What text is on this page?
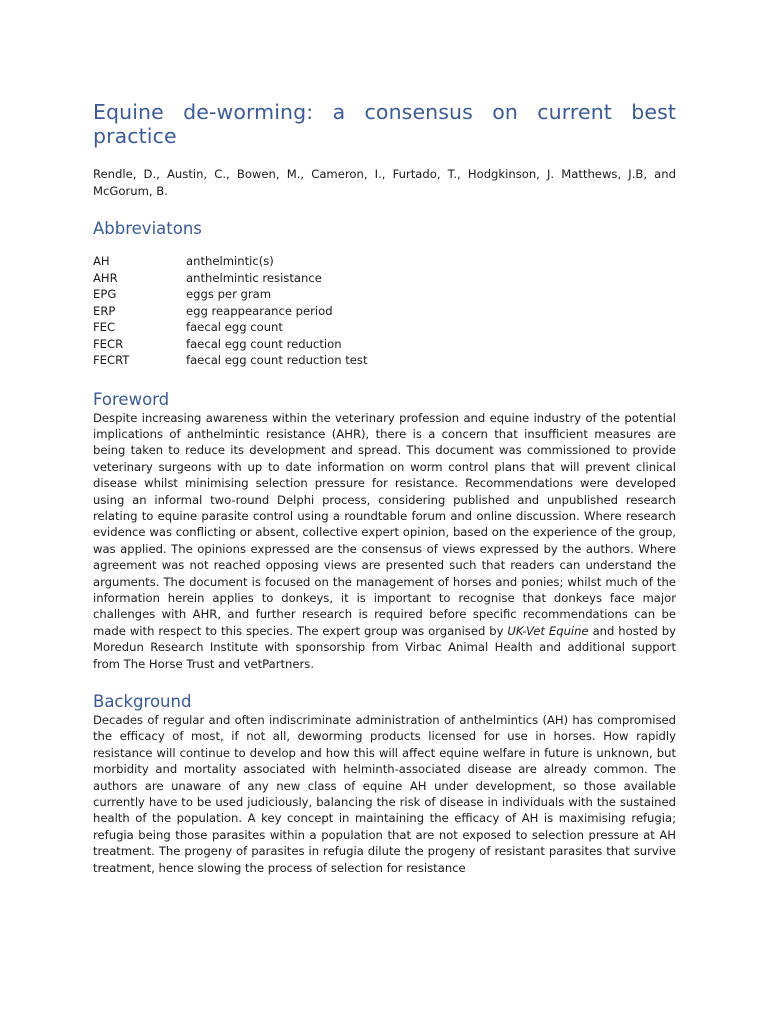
Equine de-worming: a consensus on current best
practice
Rendle, D., Austin, C., Bowen, M., Cameron, I., Furtado, T., Hodgkinson, J. Matthews, J.B, and McGorum, B.
Abbreviatons
AH	anthelmintic(s)
AHR	anthelmintic resistance
EPG	eggs per gram
ERP	egg reappearance period
FEC	faecal egg count
FECR	faecal egg count reduction
FECRT	faecal egg count reduction test
Foreword

Despite increasing awareness within the veterinary profession and equine industry of the potential implications of anthelmintic resistance (AHR), there is a concern that insufficient measures are being taken to reduce its development and spread. This document was commissioned to provide veterinary surgeons with up to date information on worm control plans that will prevent clinical disease whilst minimising selection pressure for resistance. Recommendations were developed using an informal two-round Delphi process, considering published and unpublished research relating to equine parasite control using a roundtable forum and online discussion. Where research evidence was conflicting or absent, collective expert opinion, based on the experience of the group, was applied. The opinions expressed are the consensus of views expressed by the authors. Where agreement was not reached opposing views are presented such that readers can understand the arguments. The document is focused on the management of horses and ponies; whilst much of the information herein applies to donkeys, it is important to recognise that donkeys face major challenges with AHR, and further research is required before specific recommendations can be made with respect to this species. The expert group was organised by UK-Vet Equine and hosted by Moredun Research Institute with sponsorship from Virbac Animal Health and additional support from The Horse Trust and vetPartners.

Background

Decades of regular and often indiscriminate administration of anthelmintics (AH) has compromised the efficacy of most, if not all, deworming products licensed for use in horses. How rapidly resistance will continue to develop and how this will affect equine welfare in future is unknown, but morbidity and mortality associated with helminth-associated disease are already common. The authors are unaware of any new class of equine AH under development, so those available currently have to be used judiciously, balancing the risk of disease in individuals with the sustained health of the population. A key concept in maintaining the efficacy of AH is maximising refugia; refugia being those parasites within a population that are not exposed to selection pressure at AH treatment. The progeny of parasites in refugia dilute the progeny of resistant parasites that survive treatment, hence slowing the process of selection for resistance
